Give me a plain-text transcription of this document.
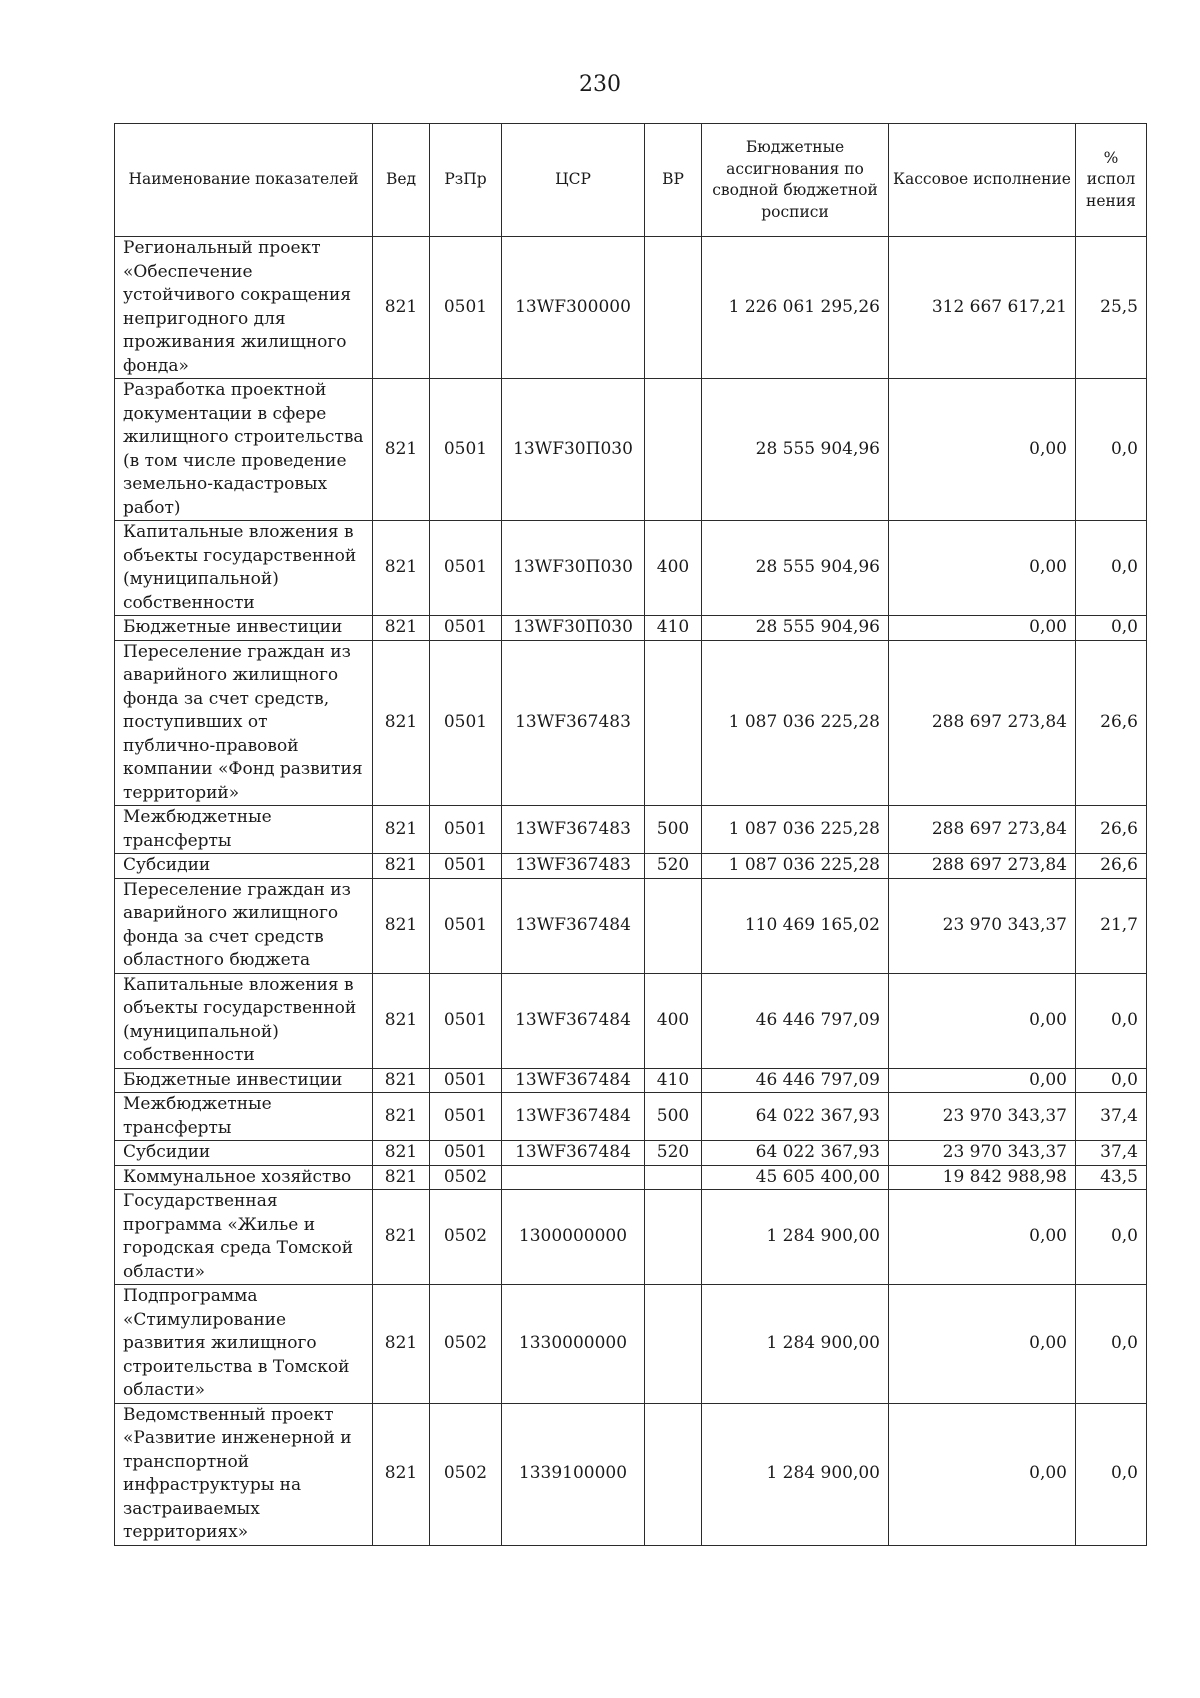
230
Наименование показателей	Вед	РзПр	ЦСР	ВР	Бюджетные ассигнования по сводной бюджетной росписи	Кассовое исполнение	% испол нения
Региональный проект «Обеспечение устойчивого сокращения непригодного для проживания жилищного фонда»	821	0501	13WF300000		1 226 061 295,26	312 667 617,21	25,5
Разработка проектной документации в сфере жилищного строительства (в том числе проведение земельно-кадастровых работ)	821	0501	13WF30П030		28 555 904,96	0,00	0,0
Капитальные вложения в объекты государственной (муниципальной) собственности	821	0501	13WF30П030	400	28 555 904,96	0,00	0,0
Бюджетные инвестиции	821	0501	13WF30П030	410	28 555 904,96	0,00	0,0
Переселение граждан из аварийного жилищного фонда за счет средств, поступивших от публично-правовой компании «Фонд развития территорий»	821	0501	13WF367483		1 087 036 225,28	288 697 273,84	26,6
Межбюджетные трансферты	821	0501	13WF367483	500	1 087 036 225,28	288 697 273,84	26,6
Субсидии	821	0501	13WF367483	520	1 087 036 225,28	288 697 273,84	26,6
Переселение граждан из аварийного жилищного фонда за счет средств областного бюджета	821	0501	13WF367484		110 469 165,02	23 970 343,37	21,7
Капитальные вложения в объекты государственной (муниципальной) собственности	821	0501	13WF367484	400	46 446 797,09	0,00	0,0
Бюджетные инвестиции	821	0501	13WF367484	410	46 446 797,09	0,00	0,0
Межбюджетные трансферты	821	0501	13WF367484	500	64 022 367,93	23 970 343,37	37,4
Субсидии	821	0501	13WF367484	520	64 022 367,93	23 970 343,37	37,4
Коммунальное хозяйство	821	0502			45 605 400,00	19 842 988,98	43,5
Государственная программа «Жилье и городская среда Томской области»	821	0502	1300000000		1 284 900,00	0,00	0,0
Подпрограмма «Стимулирование развития жилищного строительства в Томской области»	821	0502	1330000000		1 284 900,00	0,00	0,0
Ведомственный проект «Развитие инженерной и транспортной инфраструктуры на застраиваемых территориях»	821	0502	1339100000		1 284 900,00	0,00	0,0
